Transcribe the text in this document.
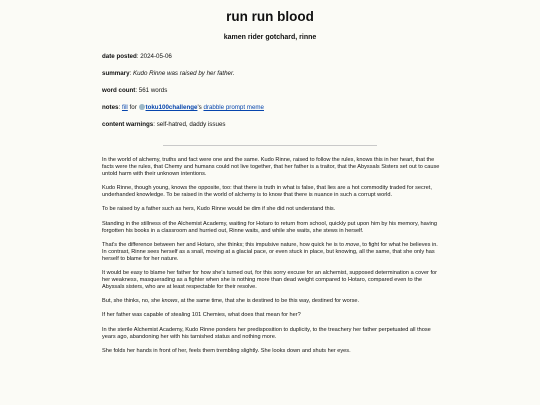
run run blood
kamen rider gotchard, rinne

date posted: 2024-05-06

summary: Kudo Rinne was raised by her father.

word count: 561 words

notes: fill for toku100challenge's drabble prompt meme

content warnings: self-hatred, daddy issues

In the world of alchemy, truths and fact were one and the same. Kudo Rinne, raised to follow the rules, knows this in her heart, that the facts were the rules, that Chemy and humans could not live together, that her father is a traitor, that the Abyssals Sisters set out to cause untold harm with their unknown intentions.

Kudo Rinne, though young, knows the opposite, too: that there is truth in what is false, that lies are a hot commodity traded for secret, underhanded knowledge. To be raised in the world of alchemy is to know that there is nuance in such a corrupt world.

To be raised by a father such as hers, Kudo Rinne would be dim if she did not understand this.

Standing in the stillness of the Alchemist Academy, waiting for Hotaro to return from school, quickly put upon him by his memory, having forgotten his books in a classroom and hurried out, Rinne waits, and while she waits, she stews in herself.

That's the difference between her and Hotaro, she thinks; this impulsive nature, how quick he is to move, to fight for what he believes in. In contrast, Rinne sees herself as a snail, moving at a glacial pace, or even stuck in place, but knowing, all the same, that she only has herself to blame for her nature.

It would be easy to blame her father for how she's turned out, for this sorry excuse for an alchemist, supposed determination a cover for her weakness, masquerading as a fighter when she is nothing more than dead weight compared to Hotaro, compared even to the Abyssals sisters, who are at least respectable for their resolve.

But, she thinks, no, she knows, at the same time, that she is destined to be this way, destined for worse.

If her father was capable of stealing 101 Chemies, what does that mean for her?

In the sterile Alchemist Academy, Kudo Rinne ponders her predisposition to duplicity, to the treachery her father perpetuated all those years ago, abandoning her with his tarnished status and nothing more.

She folds her hands in front of her, feels them trembling slightly. She looks down and shuts her eyes.
